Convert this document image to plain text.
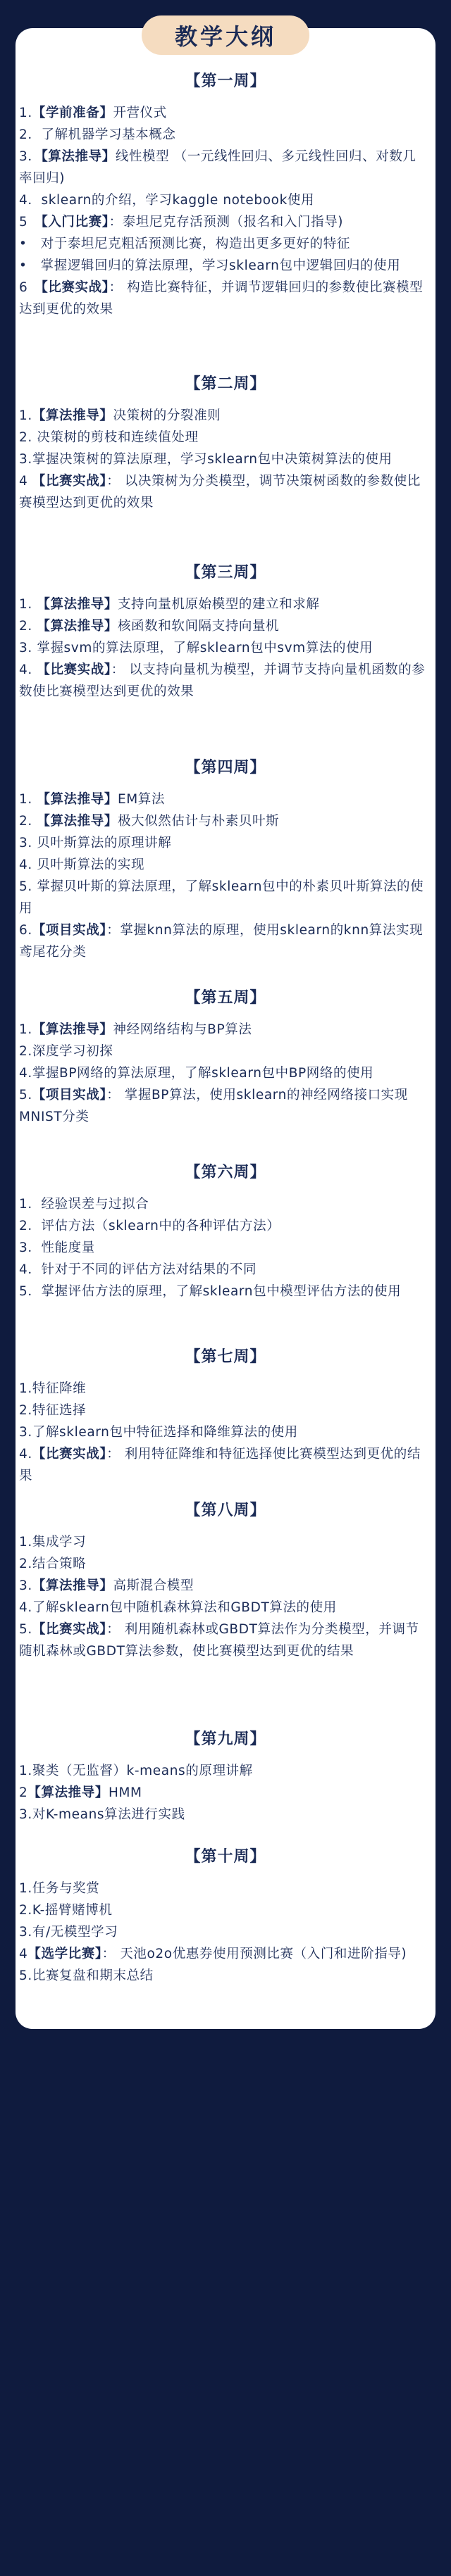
【第一周】

1.【学前准备】开营仪式

2．了解机器学习基本概念

3．【算法推导】线性模型 （一元线性回归、多元线性回归、对数几率回归)

4．sklearn的介绍，学习kaggle notebook使用

5　【入门比赛】：泰坦尼克存活预测（报名和入门指导)

•　对于泰坦尼克粗活预测比赛，构造出更多更好的特征

•　掌握逻辑回归的算法原理，学习sklearn包中逻辑回归的使用

6　【比赛实战】： 构造比赛特征，并调节逻辑回归的参数使比赛模型达到更优的效果

【第二周】

1.【算法推导】决策树的分裂准则

2. 决策树的剪枝和连续值处理

3.掌握决策树的算法原理，学习sklearn包中决策树算法的使用

4 【比赛实战】： 以决策树为分类模型，调节决策树函数的参数使比赛模型达到更优的效果

【第三周】

1. 【算法推导】支持向量机原始模型的建立和求解

2. 【算法推导】核函数和软间隔支持向量机

3. 掌握svm的算法原理，了解sklearn包中svm算法的使用

4. 【比赛实战】： 以支持向量机为模型，并调节支持向量机函数的参数使比赛模型达到更优的效果

【第四周】

1. 【算法推导】EM算法

2. 【算法推导】极大似然估计与朴素贝叶斯

3. 贝叶斯算法的原理讲解

4. 贝叶斯算法的实现

5. 掌握贝叶斯的算法原理，了解sklearn包中的朴素贝叶斯算法的使用

6.【项目实战】：掌握knn算法的原理，使用sklearn的knn算法实现鸢尾花分类

【第五周】

1.【算法推导】神经网络结构与BP算法

2.深度学习初探

4.掌握BP网络的算法原理，了解sklearn包中BP网络的使用

5.【项目实战】： 掌握BP算法，使用sklearn的神经网络接口实现MNIST分类

【第六周】

1．经验误差与过拟合

2．评估方法（sklearn中的各种评估方法）

3．性能度量

4．针对于不同的评估方法对结果的不同

5．掌握评估方法的原理，了解sklearn包中模型评估方法的使用

【第七周】

1.特征降维

2.特征选择

3.了解sklearn包中特征选择和降维算法的使用

4.【比赛实战】： 利用特征降维和特征选择使比赛模型达到更优的结果

【第八周】

1.集成学习

2.结合策略

3.【算法推导】高斯混合模型

4.了解sklearn包中随机森林算法和GBDT算法的使用

5.【比赛实战】： 利用随机森林或GBDT算法作为分类模型，并调节随机森林或GBDT算法参数，使比赛模型达到更优的结果

【第九周】

1.聚类（无监督）k-means的原理讲解

2【算法推导】HMM

3.对K-means算法进行实践

【第十周】

1.任务与奖赏

2.K-摇臂赌博机

3.有/无模型学习

4【选学比赛】： 天池o2o优惠券使用预测比赛（入门和进阶指导)

5.比赛复盘和期末总结

教学大纲
